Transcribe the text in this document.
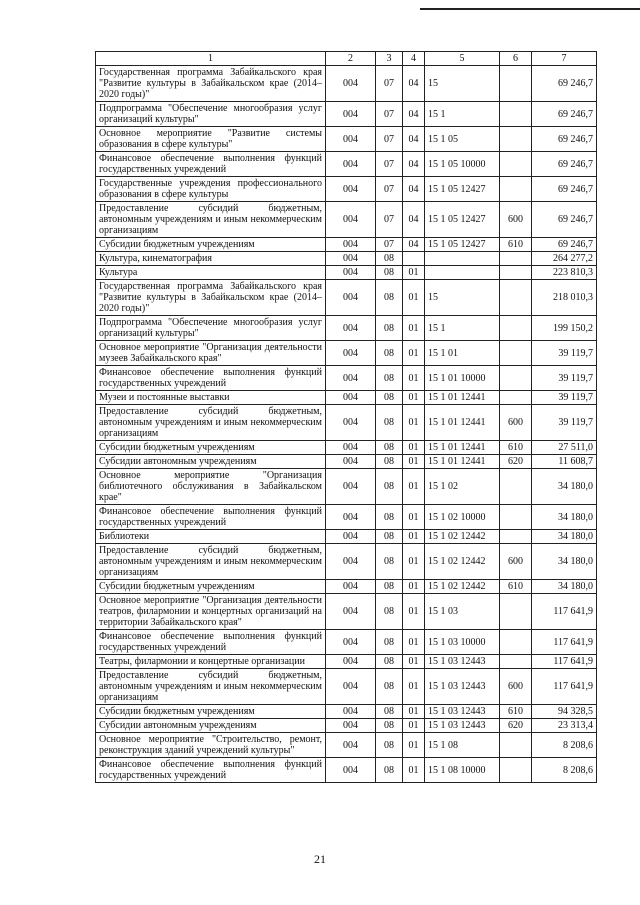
1	2	3	4	5	6	7
Государственная программа Забайкальского края "Развитие культуры в Забайкальском крае (2014–2020 годы)"	004	07	04	15		69 246,7
Подпрограмма "Обеспечение многообразия услуг организаций культуры"	004	07	04	15 1		69 246,7
Основное мероприятие "Развитие системы образования в сфере культуры"	004	07	04	15 1 05		69 246,7
Финансовое обеспечение выполнения функций государственных учреждений	004	07	04	15 1 05 10000		69 246,7
Государственные учреждения профессионального образования в сфере культуры	004	07	04	15 1 05 12427		69 246,7
Предоставление субсидий бюджетным, автономным учреждениям и иным некоммерческим организациям	004	07	04	15 1 05 12427	600	69 246,7
Субсидии бюджетным учреждениям	004	07	04	15 1 05 12427	610	69 246,7
Культура, кинематография	004	08				264 277,2
Культура	004	08	01			223 810,3
Государственная программа Забайкальского края "Развитие культуры в Забайкальском крае (2014–2020 годы)"	004	08	01	15		218 010,3
Подпрограмма "Обеспечение многообразия услуг организаций культуры"	004	08	01	15 1		199 150,2
Основное мероприятие "Организация деятельности музеев Забайкальского края"	004	08	01	15 1 01		39 119,7
Финансовое обеспечение выполнения функций государственных учреждений	004	08	01	15 1 01 10000		39 119,7
Музеи и постоянные выставки	004	08	01	15 1 01 12441		39 119,7
Предоставление субсидий бюджетным, автономным учреждениям и иным некоммерческим организациям	004	08	01	15 1 01 12441	600	39 119,7
Субсидии бюджетным учреждениям	004	08	01	15 1 01 12441	610	27 511,0
Субсидии автономным учреждениям	004	08	01	15 1 01 12441	620	11 608,7
Основное мероприятие "Организация библиотечного обслуживания в Забайкальском крае"	004	08	01	15 1 02		34 180,0
Финансовое обеспечение выполнения функций государственных учреждений	004	08	01	15 1 02 10000		34 180,0
Библиотеки	004	08	01	15 1 02 12442		34 180,0
Предоставление субсидий бюджетным, автономным учреждениям и иным некоммерческим организациям	004	08	01	15 1 02 12442	600	34 180,0
Субсидии бюджетным учреждениям	004	08	01	15 1 02 12442	610	34 180,0
Основное мероприятие "Организация деятельности театров, филармонии и концертных организаций на территории Забайкальского края"	004	08	01	15 1 03		117 641,9
Финансовое обеспечение выполнения функций государственных учреждений	004	08	01	15 1 03 10000		117 641,9
Театры, филармонии и концертные организации	004	08	01	15 1 03 12443		117 641,9
Предоставление субсидий бюджетным, автономным учреждениям и иным некоммерческим организациям	004	08	01	15 1 03 12443	600	117 641,9
Субсидии бюджетным учреждениям	004	08	01	15 1 03 12443	610	94 328,5
Субсидии автономным учреждениям	004	08	01	15 1 03 12443	620	23 313,4
Основное мероприятие "Строительство, ремонт, реконструкция зданий учреждений культуры"	004	08	01	15 1 08		8 208,6
Финансовое обеспечение выполнения функций государственных учреждений	004	08	01	15 1 08 10000		8 208,6
21
